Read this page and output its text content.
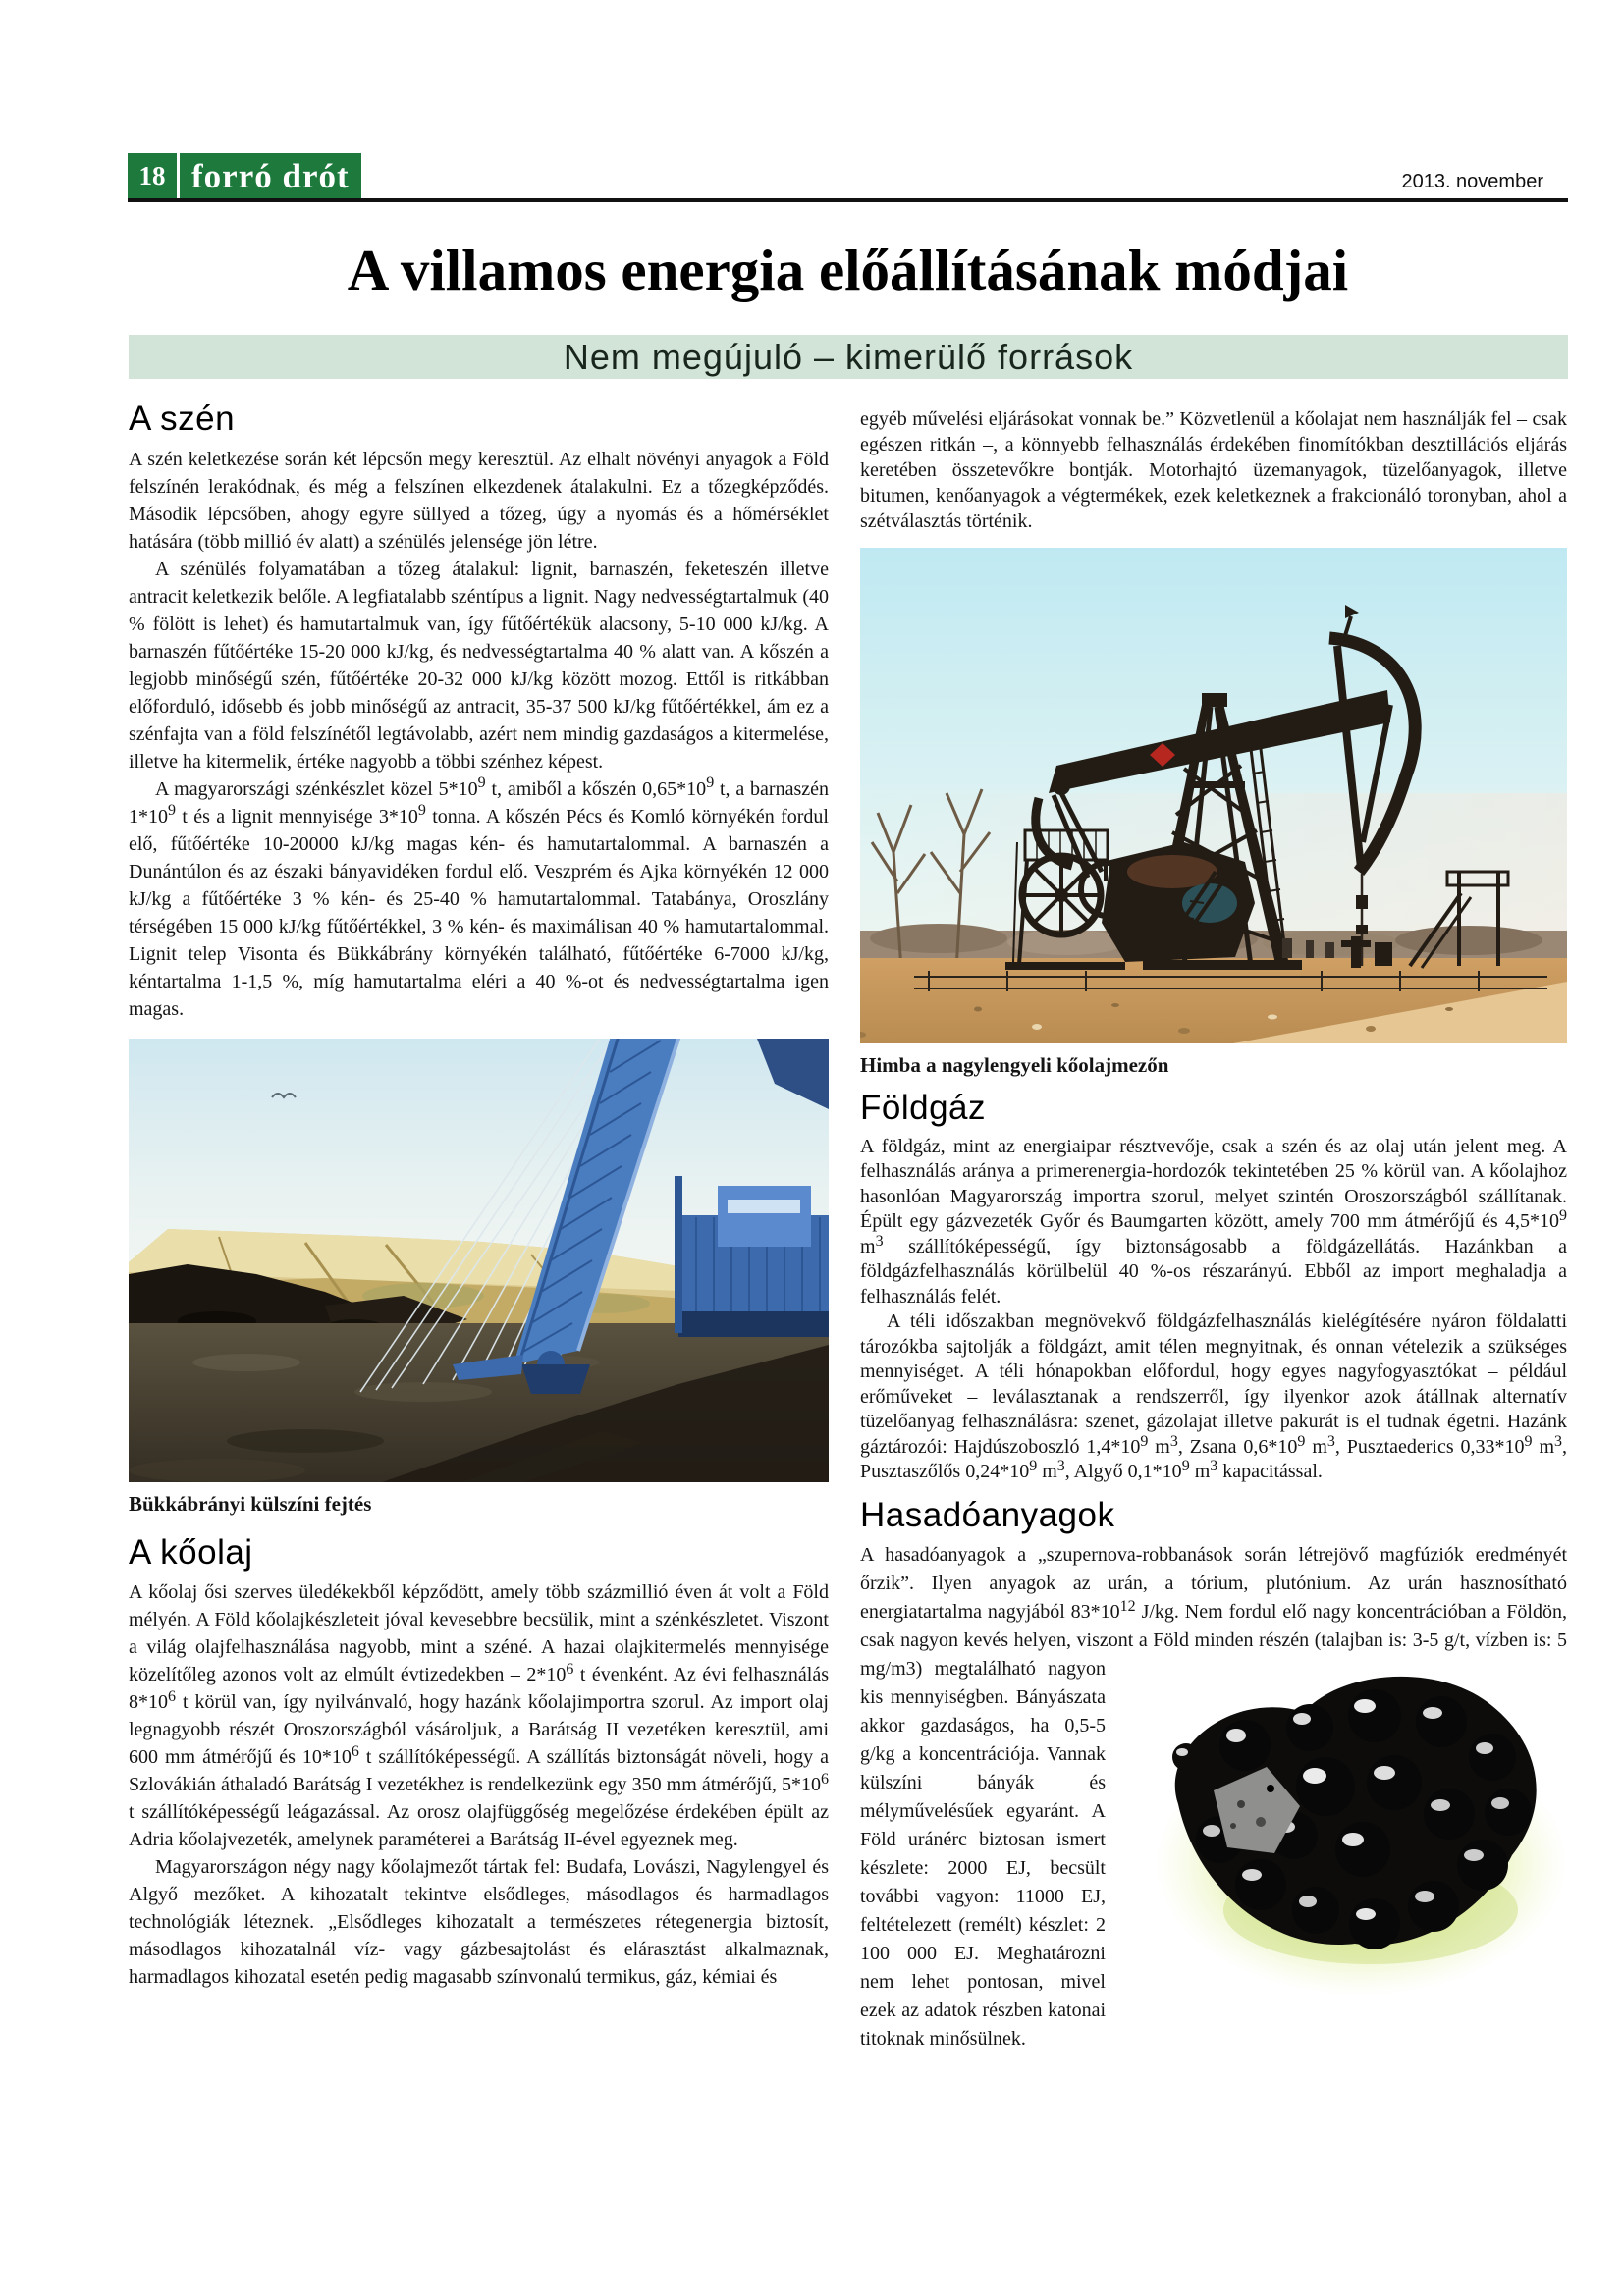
18 forró drót	2013. november
A villamos energia előállításának módjai
Nem megújuló – kimerülő források
A szén

A szén keletkezése során két lépcsőn megy keresztül. Az elhalt növényi anyagok a Föld felszínén lerakódnak, és még a felszínen elkezdenek átalakulni. Ez a tőzegképződés. Második lépcsőben, ahogy egyre süllyed a tőzeg, úgy a nyomás és a hőmérséklet hatására (több millió év alatt) a szénülés jelensége jön létre.

A szénülés folyamatában a tőzeg átalakul: lignit, barnaszén, feketeszén illetve antracit keletkezik belőle. A legfiatalabb széntípus a lignit. Nagy nedvességtartalmuk (40 % fölött is lehet) és hamutartalmuk van, így fűtőértékük alacsony, 5-10 000 kJ/kg. A barnaszén fűtőértéke 15-20 000 kJ/kg, és nedvességtartalma 40 % alatt van. A kőszén a legjobb minőségű szén, fűtőértéke 20-32 000 kJ/kg között mozog. Ettől is ritkábban előforduló, idősebb és jobb minőségű az antracit, 35-37 500 kJ/kg fűtőértékkel, ám ez a szénfajta van a föld felszínétől legtávolabb, azért nem mindig gazdaságos a kitermelése, illetve ha kitermelik, értéke nagyobb a többi szénhez képest.

A magyarországi szénkészlet közel $5*10^9$ t, amiből a kőszén $0,65*10^9$ t, a barnaszén $1*10^9$ t és a lignit mennyisége $3*10^9$ tonna. A kőszén Pécs és Komló környékén fordul elő, fűtőértéke 10-20000 kJ/kg magas kén- és hamutartalommal. A barnaszén a Dunántúlon és az északi bányavidéken fordul elő. Veszprém és Ajka környékén 12 000 kJ/kg a fűtőértéke 3 % kén- és 25-40 % hamutartalommal. Tatabánya, Oroszlány térségében 15 000 kJ/kg fűtőértékkel, 3 % kén- és maximálisan 40 % hamutartalommal. Lignit telep Visonta és Bükkábrány környékén található, fűtőértéke 6-7000 kJ/kg, kéntartalma 1-1,5 %, míg hamutartalma eléri a 40 %-ot és nedvességtartalma igen magas.

Bükkábrányi külszíni fejtés
A kőolaj

A kőolaj ősi szerves üledékekből képződött, amely több százmillió éven át volt a Föld mélyén. A Föld kőolajkészleteit jóval kevesebbre becsülik, mint a szénkészletet. Viszont a világ olajfelhasználása nagyobb, mint a széné. A hazai olajkitermelés mennyisége közelítőleg azonos volt az elmúlt évtizedekben – $2*10^6$ t évenként. Az évi felhasználás $8*10^6$ t körül van, így nyilvánvaló, hogy hazánk kőolajimportra szorul. Az import olaj legnagyobb részét Oroszországból vásároljuk, a Barátság II vezetéken keresztül, ami 600 mm átmérőjű és $10*10^6$ t szállítóképességű. A szállítás biztonságát növeli, hogy a Szlovákián áthaladó Barátság I vezetékhez is rendelkezünk egy 350 mm átmérőjű, $5*10^6$ t szállítóképességű leágazással. Az orosz olajfüggőség megelőzése érdekében épült az Adria kőolajvezeték, amelynek paraméterei a Barátság II-ével egyeznek meg.

Magyarországon négy nagy kőolajmezőt tártak fel: Budafa, Lovászi, Nagylengyel és Algyő mezőket. A kihozatalt tekintve elsődleges, másodlagos és harmadlagos technológiák léteznek. „Elsődleges kihozatalt a természetes rétegenergia biztosít, másodlagos kihozatalnál víz- vagy gázbesajtolást és elárasztást alkalmaznak, harmadlagos kihozatal esetén pedig magasabb színvonalú termikus, gáz, kémiai és

egyéb művelési eljárásokat vonnak be.” Közvetlenül a kőolajat nem használják fel – csak egészen ritkán –, a könnyebb felhasználás érdekében finomítókban desztillációs eljárás keretében összetevőkre bontják. Motorhajtó üzemanyagok, tüzelőanyagok, illetve bitumen, kenőanyagok a végtermékek, ezek keletkeznek a frakcionáló toronyban, ahol a szétválasztás történik.

Himba a nagylengyeli kőolajmezőn
Földgáz

A földgáz, mint az energiaipar résztvevője, csak a szén és az olaj után jelent meg. A felhasználás aránya a primerenergia-hordozók tekintetében 25 % körül van. A kőolajhoz hasonlóan Magyarország importra szorul, melyet szintén Oroszországból szállítanak. Épült egy gázvezeték Győr és Baumgarten között, amely 700 mm átmérőjű és $4,5*10^9$ $m^3$ szállítóképességű, így biztonságosabb a földgázellátás. Hazánkban a földgázfelhasználás körülbelül 40 %-os részarányú. Ebből az import meghaladja a felhasználás felét.

A téli időszakban megnövekvő földgázfelhasználás kielégítésére nyáron földalatti tározókba sajtolják a földgázt, amit télen megnyitnak, és onnan vételezik a szükséges mennyiséget. A téli hónapokban előfordul, hogy egyes nagyfogyasztókat – például erőműveket – leválasztanak a rendszerről, így ilyenkor azok átállnak alternatív tüzelőanyag felhasználásra: szenet, gázolajat illetve pakurát is el tudnak égetni. Hazánk gáztározói: Hajdúszoboszló $1,4*10^9$ $m^3$, Zsana $0,6*10^9$ $m^3$, Pusztaederics $0,33*10^9$ $m^3$, Pusztaszőlős $0,24*10^9$ $m^3$, Algyő $0,1*10^9$ $m^3$ kapacitással.

Hasadóanyagok

A hasadóanyagok a „szupernova-robbanások során létrejövő magfúziók eredményét őrzik”. Ilyen anyagok az urán, a tórium, plutónium. Az urán hasznosítható energiatartalma nagyjából $83*10^{12}$ J/kg. Nem fordul elő nagy koncentrációban a Földön, csak nagyon kevés helyen, viszont a Föld minden részén (talajban is: 3-5 g/t, vízben
is: 5 mg/m3) megtalálható nagyon kis mennyiségben. Bányászata akkor gazdaságos, ha 0,5-5 g/kg a koncentrációja. Vannak külszíni bányák és mélyművelésűek egyaránt. A Föld uránérc biztosan ismert készlete: 2000 EJ, becsült további vagyon: 11000 EJ, feltételezett (remélt) készlet: 2 100 000 EJ. Meghatározni nem lehet pontosan, mivel ezek az adatok részben katonai titoknak minősülnek.
